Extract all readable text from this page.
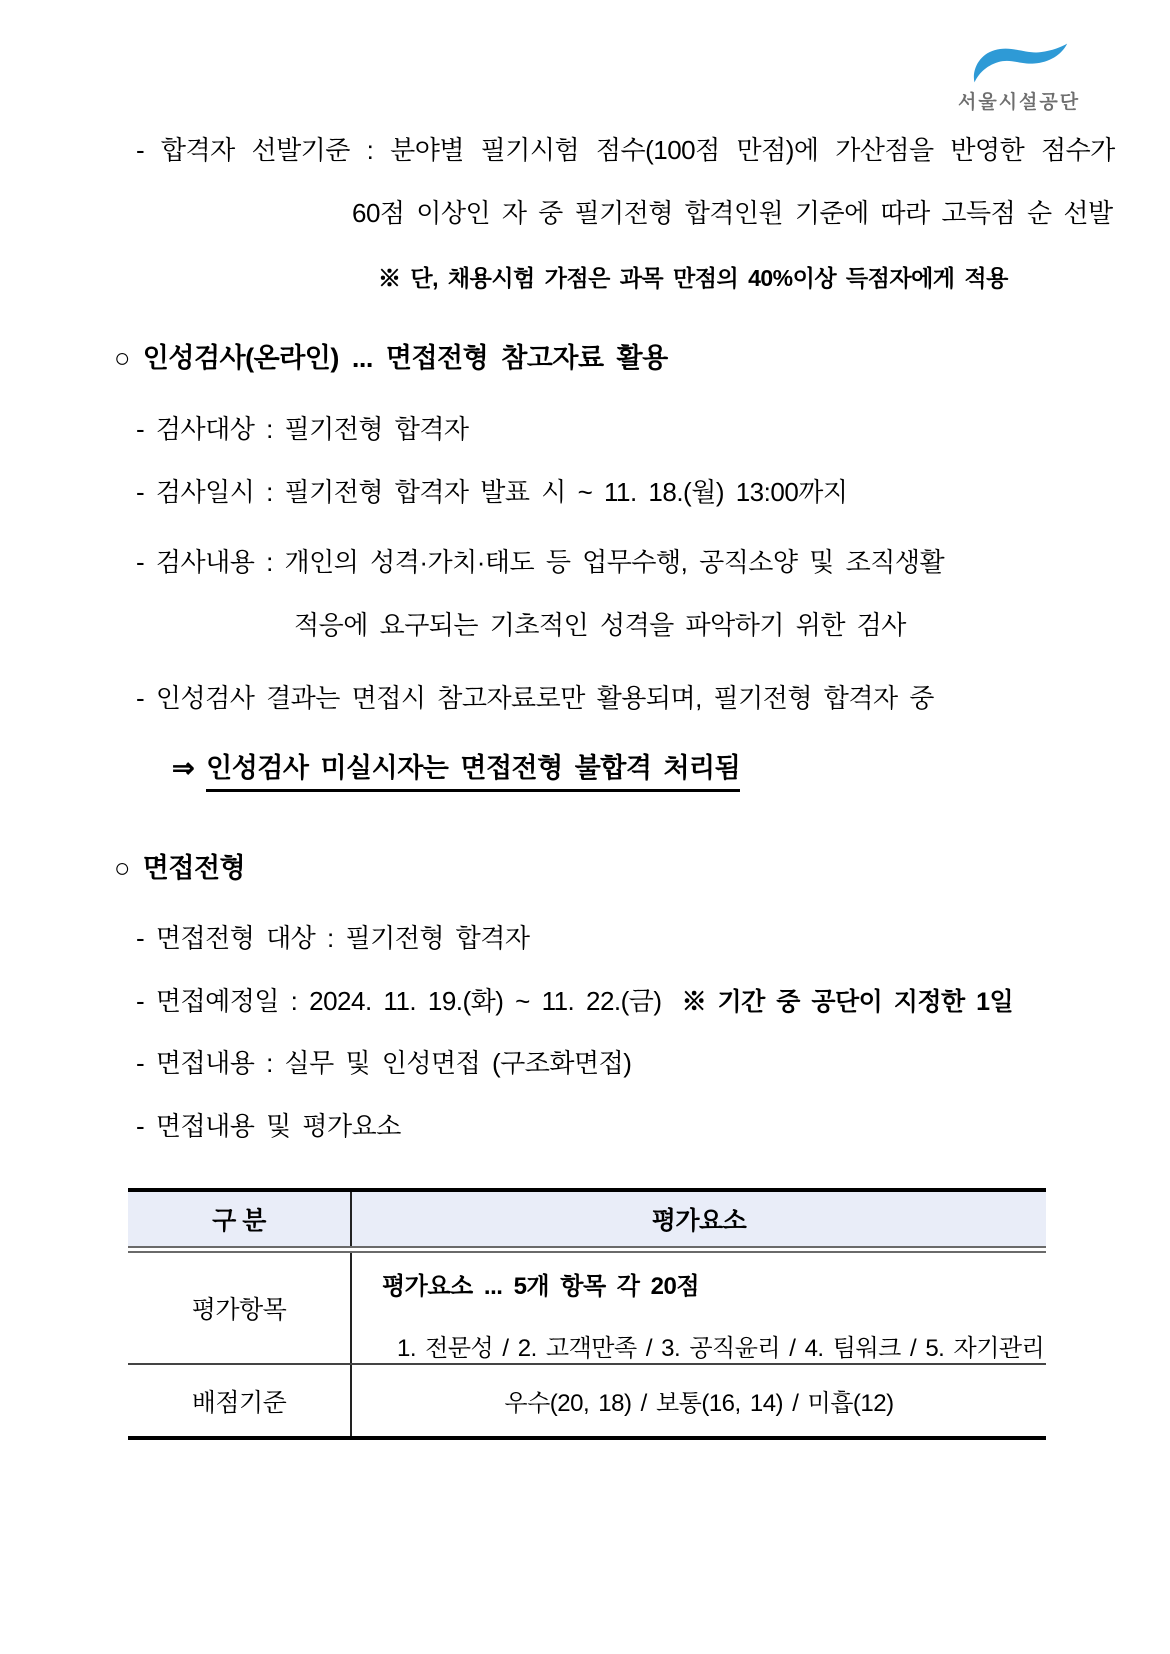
서울시설공단
- 합격자 선발기준 : 분야별 필기시험 점수(100점 만점)에 가산점을 반영한 점수가
60점 이상인 자 중 필기전형 합격인원 기준에 따라 고득점 순 선발
※ 단, 채용시험 가점은 과목 만점의 40%이상 득점자에게 적용
○ 인성검사(온라인) ... 면접전형 참고자료 활용
- 검사대상 : 필기전형 합격자
- 검사일시 : 필기전형 합격자 발표 시 ~ 11. 18.(월) 13:00까지
- 검사내용 : 개인의 성격·가치·태도 등 업무수행, 공직소양 및 조직생활
적응에 요구되는 기초적인 성격을 파악하기 위한 검사
- 인성검사 결과는 면접시 참고자료로만 활용되며, 필기전형 합격자 중
⇒ 인성검사 미실시자는 면접전형 불합격 처리됨
○ 면접전형
- 면접전형 대상 : 필기전형 합격자
- 면접예정일 : 2024. 11. 19.(화) ~ 11. 22.(금) ※ 기간 중 공단이 지정한 1일
- 면접내용 : 실무 및 인성면접 (구조화면접)
- 면접내용 및 평가요소
구 분	평가요소
평가항목
평가요소 ... 5개 항목 각 20점
1. 전문성 / 2. 고객만족 / 3. 공직윤리 / 4. 팀워크 / 5. 자기관리
배점기준	우수(20, 18) / 보통(16, 14) / 미흡(12)
